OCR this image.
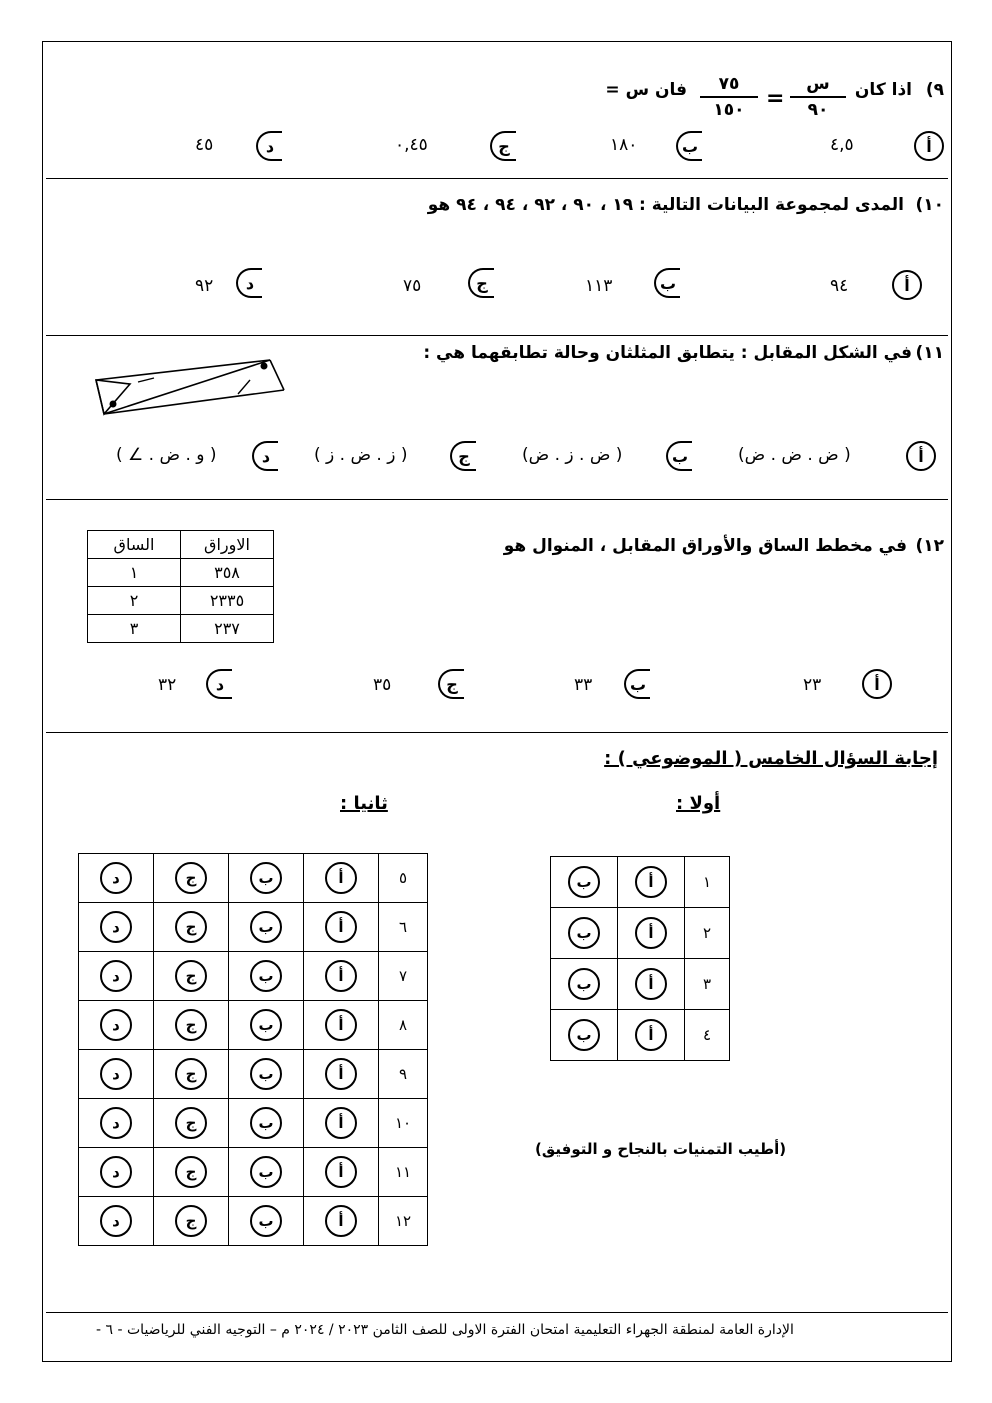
٩)
اذا كان
س
٩٠
=
٧٥
١٥٠
فان س =
أ
٤,٥
ب
١٨٠
ج
٠,٤٥
د
٤٥
١٠)
المدى لمجموعة البيانات التالية : ١٩ ، ٩٠ ، ٩٢ ، ٩٤ ، ٩٤ هو
أ
٩٤
ب
١١٣
ج
٧٥
د
٩٢
١١)
في الشكل المقابل : يتطابق المثلثان وحالة تطابقهما هي :
أ
(ض . ض . ض )
ب
(ض . ز . ض )
ج
( ز . ض . ز )
د
( ∠ . و . ض )
١٢)
في مخطط الساق والأوراق المقابل ، المنوال هو
الاوراق	الساق
٣٥٨	١
٢٣٣٥	٢
٢٣٧	٣
أ
٢٣
ب
٣٣
ج
٣٥
د
٣٢
إجابة السؤال الخامس ( الموضوعي ) :
أولا :
ثانيا :
١	أ	ب
٢	أ	ب
٣	أ	ب
٤	أ	ب
٥	أ	ب	ج	د
٦	أ	ب	ج	د
٧	أ	ب	ج	د
٨	أ	ب	ج	د
٩	أ	ب	ج	د
١٠	أ	ب	ج	د
١١	أ	ب	ج	د
١٢	أ	ب	ج	د
(أطيب التمنيات بالنجاح و التوفيق)
الإدارة العامة لمنطقة الجهراء التعليمية امتحان الفترة الاولى للصف الثامن ٢٠٢٣ / ٢٠٢٤ م – التوجيه الفني للرياضيات - ٦ -
